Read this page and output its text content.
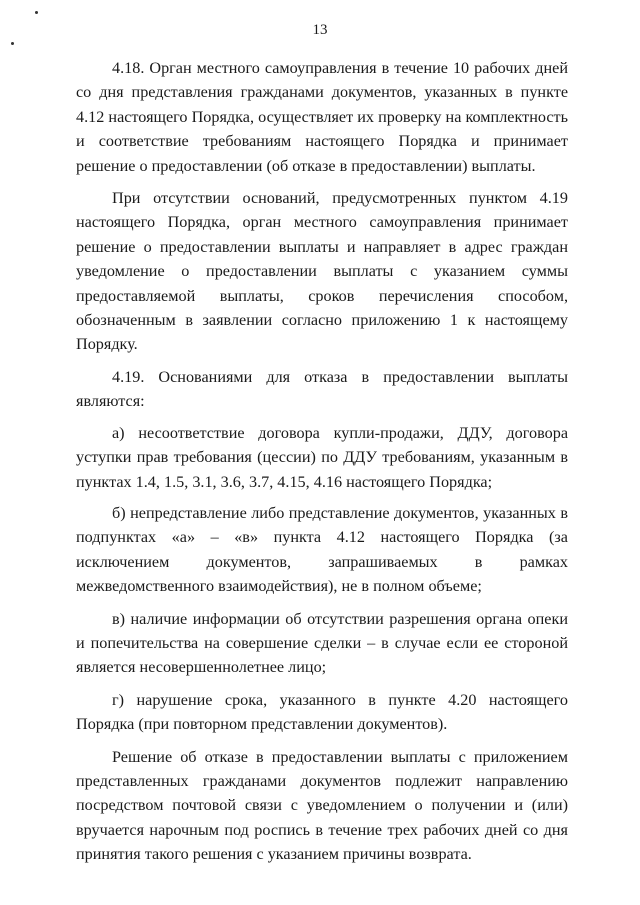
13

4.18. Орган местного самоуправления в течение 10 рабочих дней со дня представления гражданами документов, указанных в пункте 4.12 настоящего Порядка, осуществляет их проверку на комплектность и соответствие требованиям настоящего Порядка и принимает решение о предоставлении (об отказе в предоставлении) выплаты.

При отсутствии оснований, предусмотренных пунктом 4.19 настоящего Порядка, орган местного самоуправления принимает решение о предоставлении выплаты и направляет в адрес граждан уведомление о предоставлении выплаты с указанием суммы предоставляемой выплаты, сроков перечисления способом, обозначенным в заявлении согласно приложению 1 к настоящему Порядку.

4.19. Основаниями для отказа в предоставлении выплаты являются:

а) несоответствие договора купли-продажи, ДДУ, договора уступки прав требования (цессии) по ДДУ требованиям, указанным в пунктах 1.4, 1.5, 3.1, 3.6, 3.7, 4.15, 4.16 настоящего Порядка;

б) непредставление либо представление документов, указанных в подпунктах «а» – «в» пункта 4.12 настоящего Порядка (за исключением документов, запрашиваемых в рамках межведомственного взаимодействия), не в полном объеме;

в) наличие информации об отсутствии разрешения органа опеки и попечительства на совершение сделки – в случае если ее стороной является несовершеннолетнее лицо;

г) нарушение срока, указанного в пункте 4.20 настоящего Порядка (при повторном представлении документов).

Решение об отказе в предоставлении выплаты с приложением представленных гражданами документов подлежит направлению посредством почтовой связи с уведомлением о получении и (или) вручается нарочным под роспись в течение трех рабочих дней со дня принятия такого решения с указанием причины возврата.
